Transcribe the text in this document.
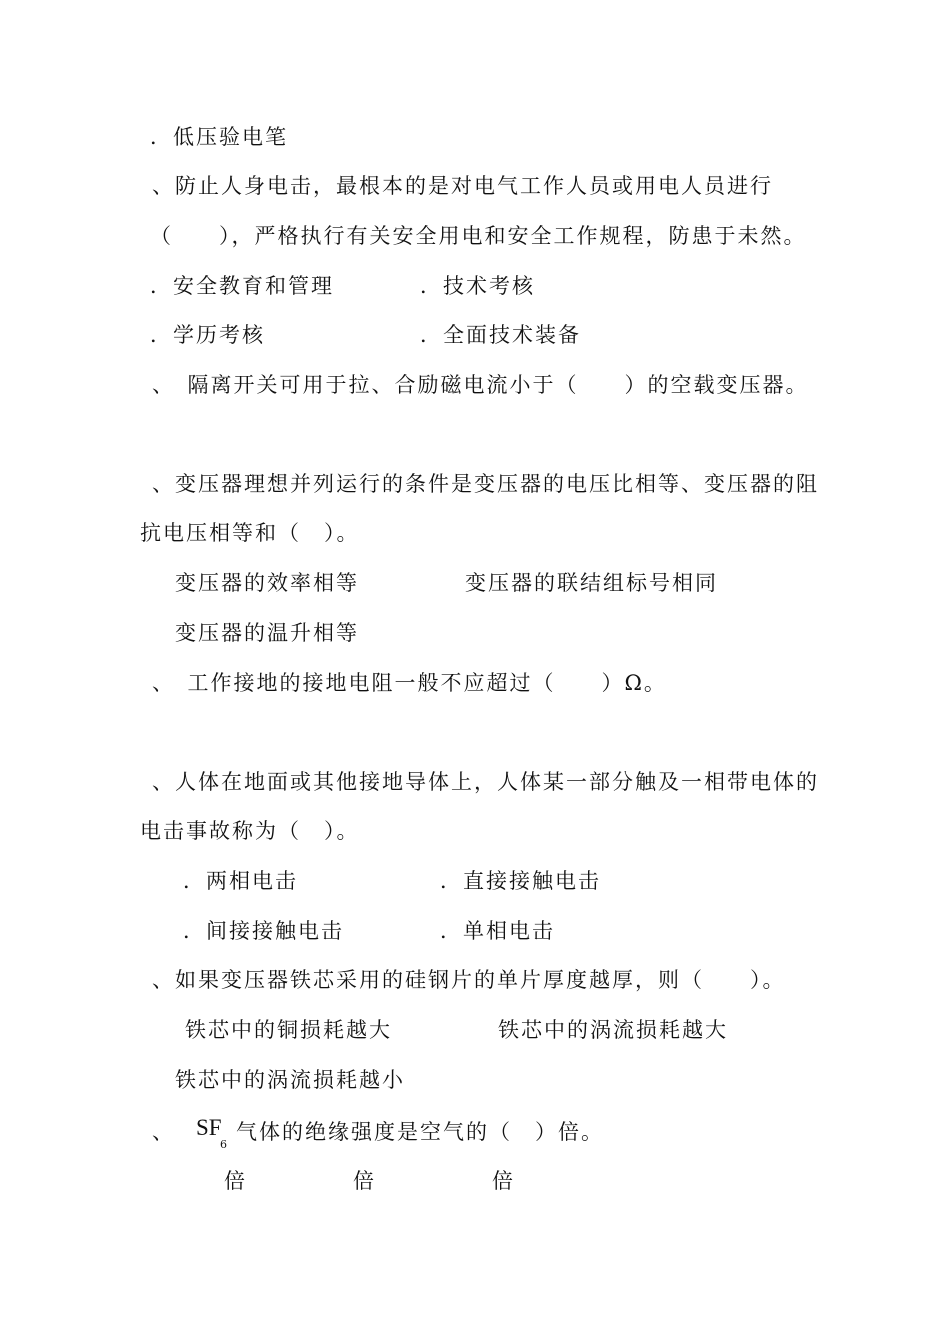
．低压验电笔
、防止人身电击，最根本的是对电气工作人员或用电人员进行
（　　），严格执行有关安全用电和安全工作规程，防患于未然。
．安全教育和管理	．技术考核
．学历考核	．全面技术装备
、　隔离开关可用于拉、合励磁电流小于（　　）的空载变压器。
、变压器理想并列运行的条件是变压器的电压比相等、变压器的阻
抗电压相等和（　）。
变压器的效率相等	变压器的联结组标号相同
变压器的温升相等
、　工作接地的接地电阻一般不应超过（　　）Ω。
、人体在地面或其他接地导体上，人体某一部分触及一相带电体的
电击事故称为（　）。
．两相电击	．直接接触电击
．间接接触电击	．单相电击
、如果变压器铁芯采用的硅钢片的单片厚度越厚，则（　　）。
铁芯中的铜损耗越大	铁芯中的涡流损耗越大
铁芯中的涡流损耗越小
、 SF
6
气体的绝缘强度是空气的（　）倍。
倍	倍	倍
